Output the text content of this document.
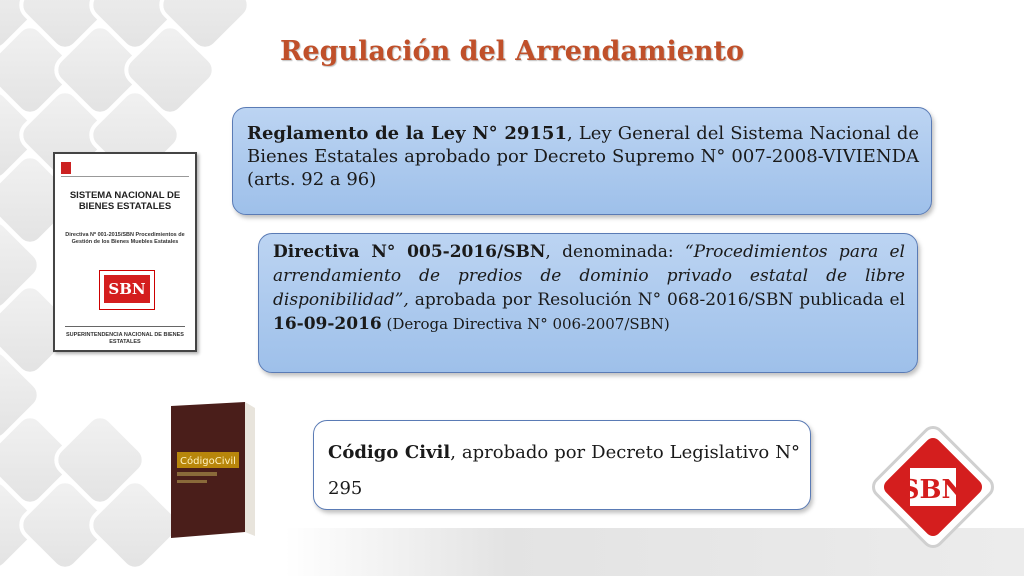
Regulación del Arrendamiento
Reglamento de la Ley N° 29151, Ley General del Sistema Nacional de Bienes Estatales aprobado por Decreto Supremo N° 007-2008-VIVIENDA (arts. 92 a 96)
Directiva N° 005-2016/SBN, denominada: “Procedimientos para el arrendamiento de predios de dominio privado estatal de libre disponibilidad”, aprobada por Resolución N° 068-2016/SBN publicada el 16-09-2016 (Deroga Directiva N° 006-2007/SBN)
Código Civil, aprobado por Decreto Legislativo N° 295
SISTEMA NACIONAL DE BIENES ESTATALES
Directiva Nº 001-2015/SBN Procedimientos de Gestión de los Bienes Muebles Estatales
SBN
SUPERINTENDENCIA NACIONAL DE BIENES ESTATALES
CódigoCivil
SBN
